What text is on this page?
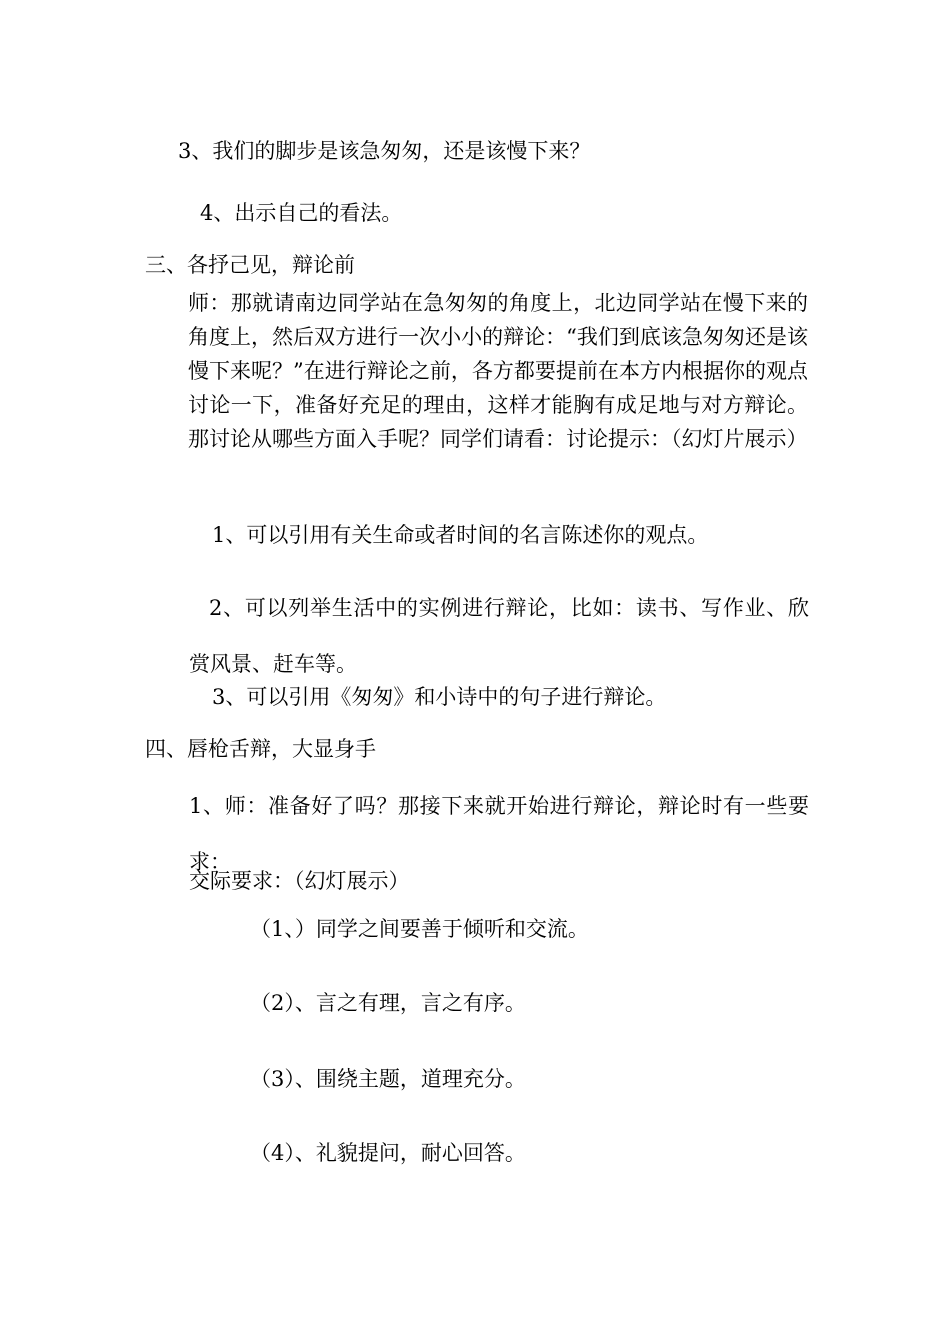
3、我们的脚步是该急匆匆，还是该慢下来？

4、出示自己的看法。

三、各抒己见，辩论前

师：那就请南边同学站在急匆匆的角度上，北边同学站在慢下来的角度上，然后双方进行一次小小的辩论：“我们到底该急匆匆还是该慢下来呢？”在进行辩论之前，各方都要提前在本方内根据你的观点讨论一下，准备好充足的理由，这样才能胸有成足地与对方辩论。那讨论从哪些方面入手呢？同学们请看：讨论提示：（幻灯片展示）

1、可以引用有关生命或者时间的名言陈述你的观点。

2、可以列举生活中的实例进行辩论，比如：读书、写作业、欣赏风景、赶车等。

3、可以引用《匆匆》和小诗中的句子进行辩论。

四、唇枪舌辩，大显身手

1、师：准备好了吗？那接下来就开始进行辩论，辩论时有一些要求：

交际要求：（幻灯展示）

（1、）同学之间要善于倾听和交流。

（2）、言之有理，言之有序。

（3）、围绕主题，道理充分。

（4）、礼貌提问，耐心回答。
